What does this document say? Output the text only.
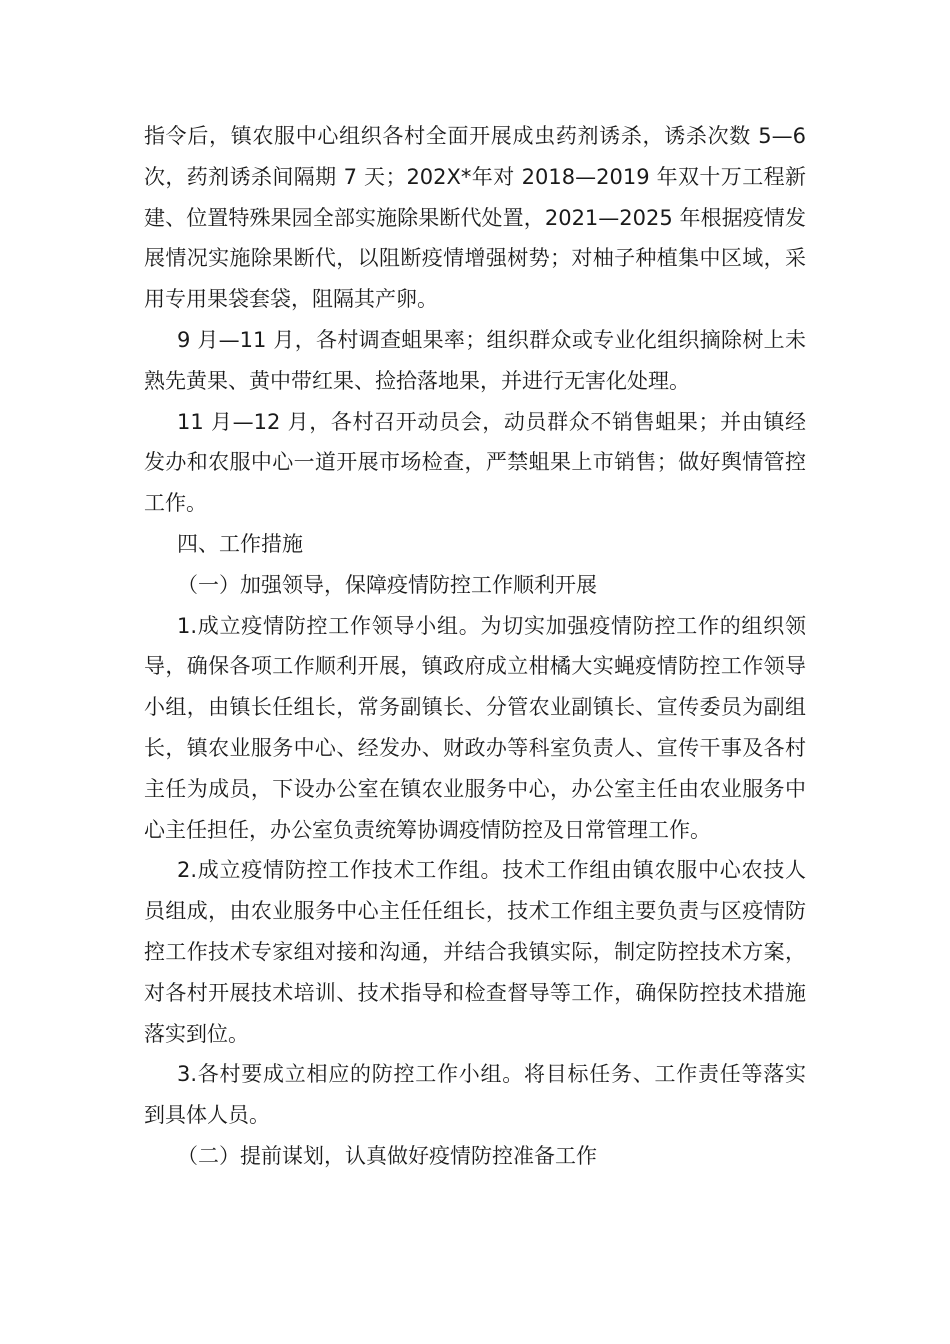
指令后，镇农服中心组织各村全面开展成虫药剂诱杀，诱杀次数 5—6 次，药剂诱杀间隔期 7 天；202X*年对 2018—2019 年双十万工程新建、位置特殊果园全部实施除果断代处置，2021—2025 年根据疫情发展情况实施除果断代，以阻断疫情增强树势；对柚子种植集中区域，采用专用果袋套袋，阻隔其产卵。

9 月—11 月，各村调查蛆果率；组织群众或专业化组织摘除树上未熟先黄果、黄中带红果、捡拾落地果，并进行无害化处理。

11 月—12 月，各村召开动员会，动员群众不销售蛆果；并由镇经发办和农服中心一道开展市场检查，严禁蛆果上市销售；做好舆情管控工作。

四、工作措施

（一）加强领导，保障疫情防控工作顺利开展

1.成立疫情防控工作领导小组。为切实加强疫情防控工作的组织领导，确保各项工作顺利开展，镇政府成立柑橘大实蝇疫情防控工作领导小组，由镇长任组长，常务副镇长、分管农业副镇长、宣传委员为副组长，镇农业服务中心、经发办、财政办等科室负责人、宣传干事及各村主任为成员，下设办公室在镇农业服务中心，办公室主任由农业服务中心主任担任，办公室负责统筹协调疫情防控及日常管理工作。

2.成立疫情防控工作技术工作组。技术工作组由镇农服中心农技人员组成，由农业服务中心主任任组长，技术工作组主要负责与区疫情防控工作技术专家组对接和沟通，并结合我镇实际，制定防控技术方案，对各村开展技术培训、技术指导和检查督导等工作，确保防控技术措施落实到位。

3.各村要成立相应的防控工作小组。将目标任务、工作责任等落实到具体人员。

（二）提前谋划，认真做好疫情防控准备工作
